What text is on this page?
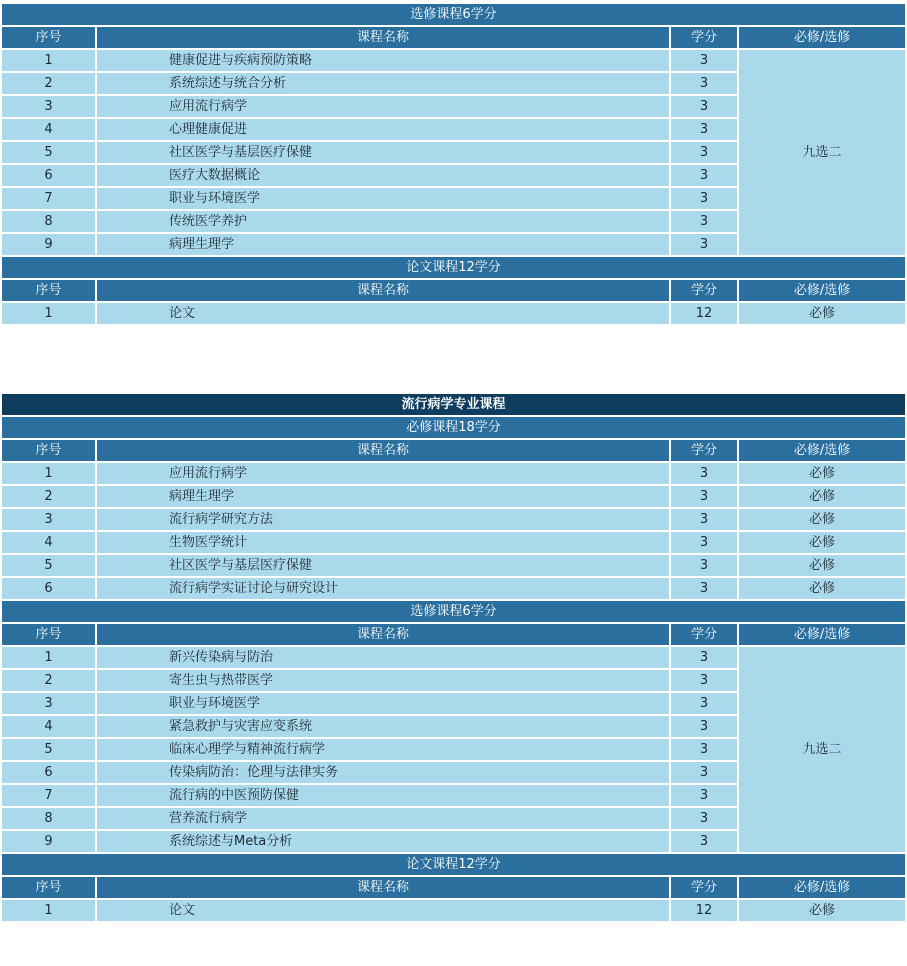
选修课程6学分			
序号	课程名称	学分	必修/选修
1	健康促进与疾病预防策略	3	九选二
2	系统综述与统合分析	3	
3	应用流行病学	3	
4	心理健康促进	3	
5	社区医学与基层医疗保健	3	
6	医疗大数据概论	3	
7	职业与环境医学	3	
8	传统医学养护	3	
9	病理生理学	3	
论文课程12学分			
序号	课程名称	学分	必修/选修
1	论文	12	必修
流行病学专业课程			
必修课程18学分			
序号	课程名称	学分	必修/选修
1	应用流行病学	3	必修
2	病理生理学	3	必修
3	流行病学研究方法	3	必修
4	生物医学统计	3	必修
5	社区医学与基层医疗保健	3	必修
6	流行病学实证讨论与研究设计	3	必修
选修课程6学分			
序号	课程名称	学分	必修/选修
1	新兴传染病与防治	3	九选二
2	寄生虫与热带医学	3	
3	职业与环境医学	3	
4	紧急救护与灾害应变系统	3	
5	临床心理学与精神流行病学	3	
6	传染病防治：伦理与法律实务	3	
7	流行病的中医预防保健	3	
8	营养流行病学	3	
9	系统综述与Meta分析	3	
论文课程12学分			
序号	课程名称	学分	必修/选修
1	论文	12	必修
